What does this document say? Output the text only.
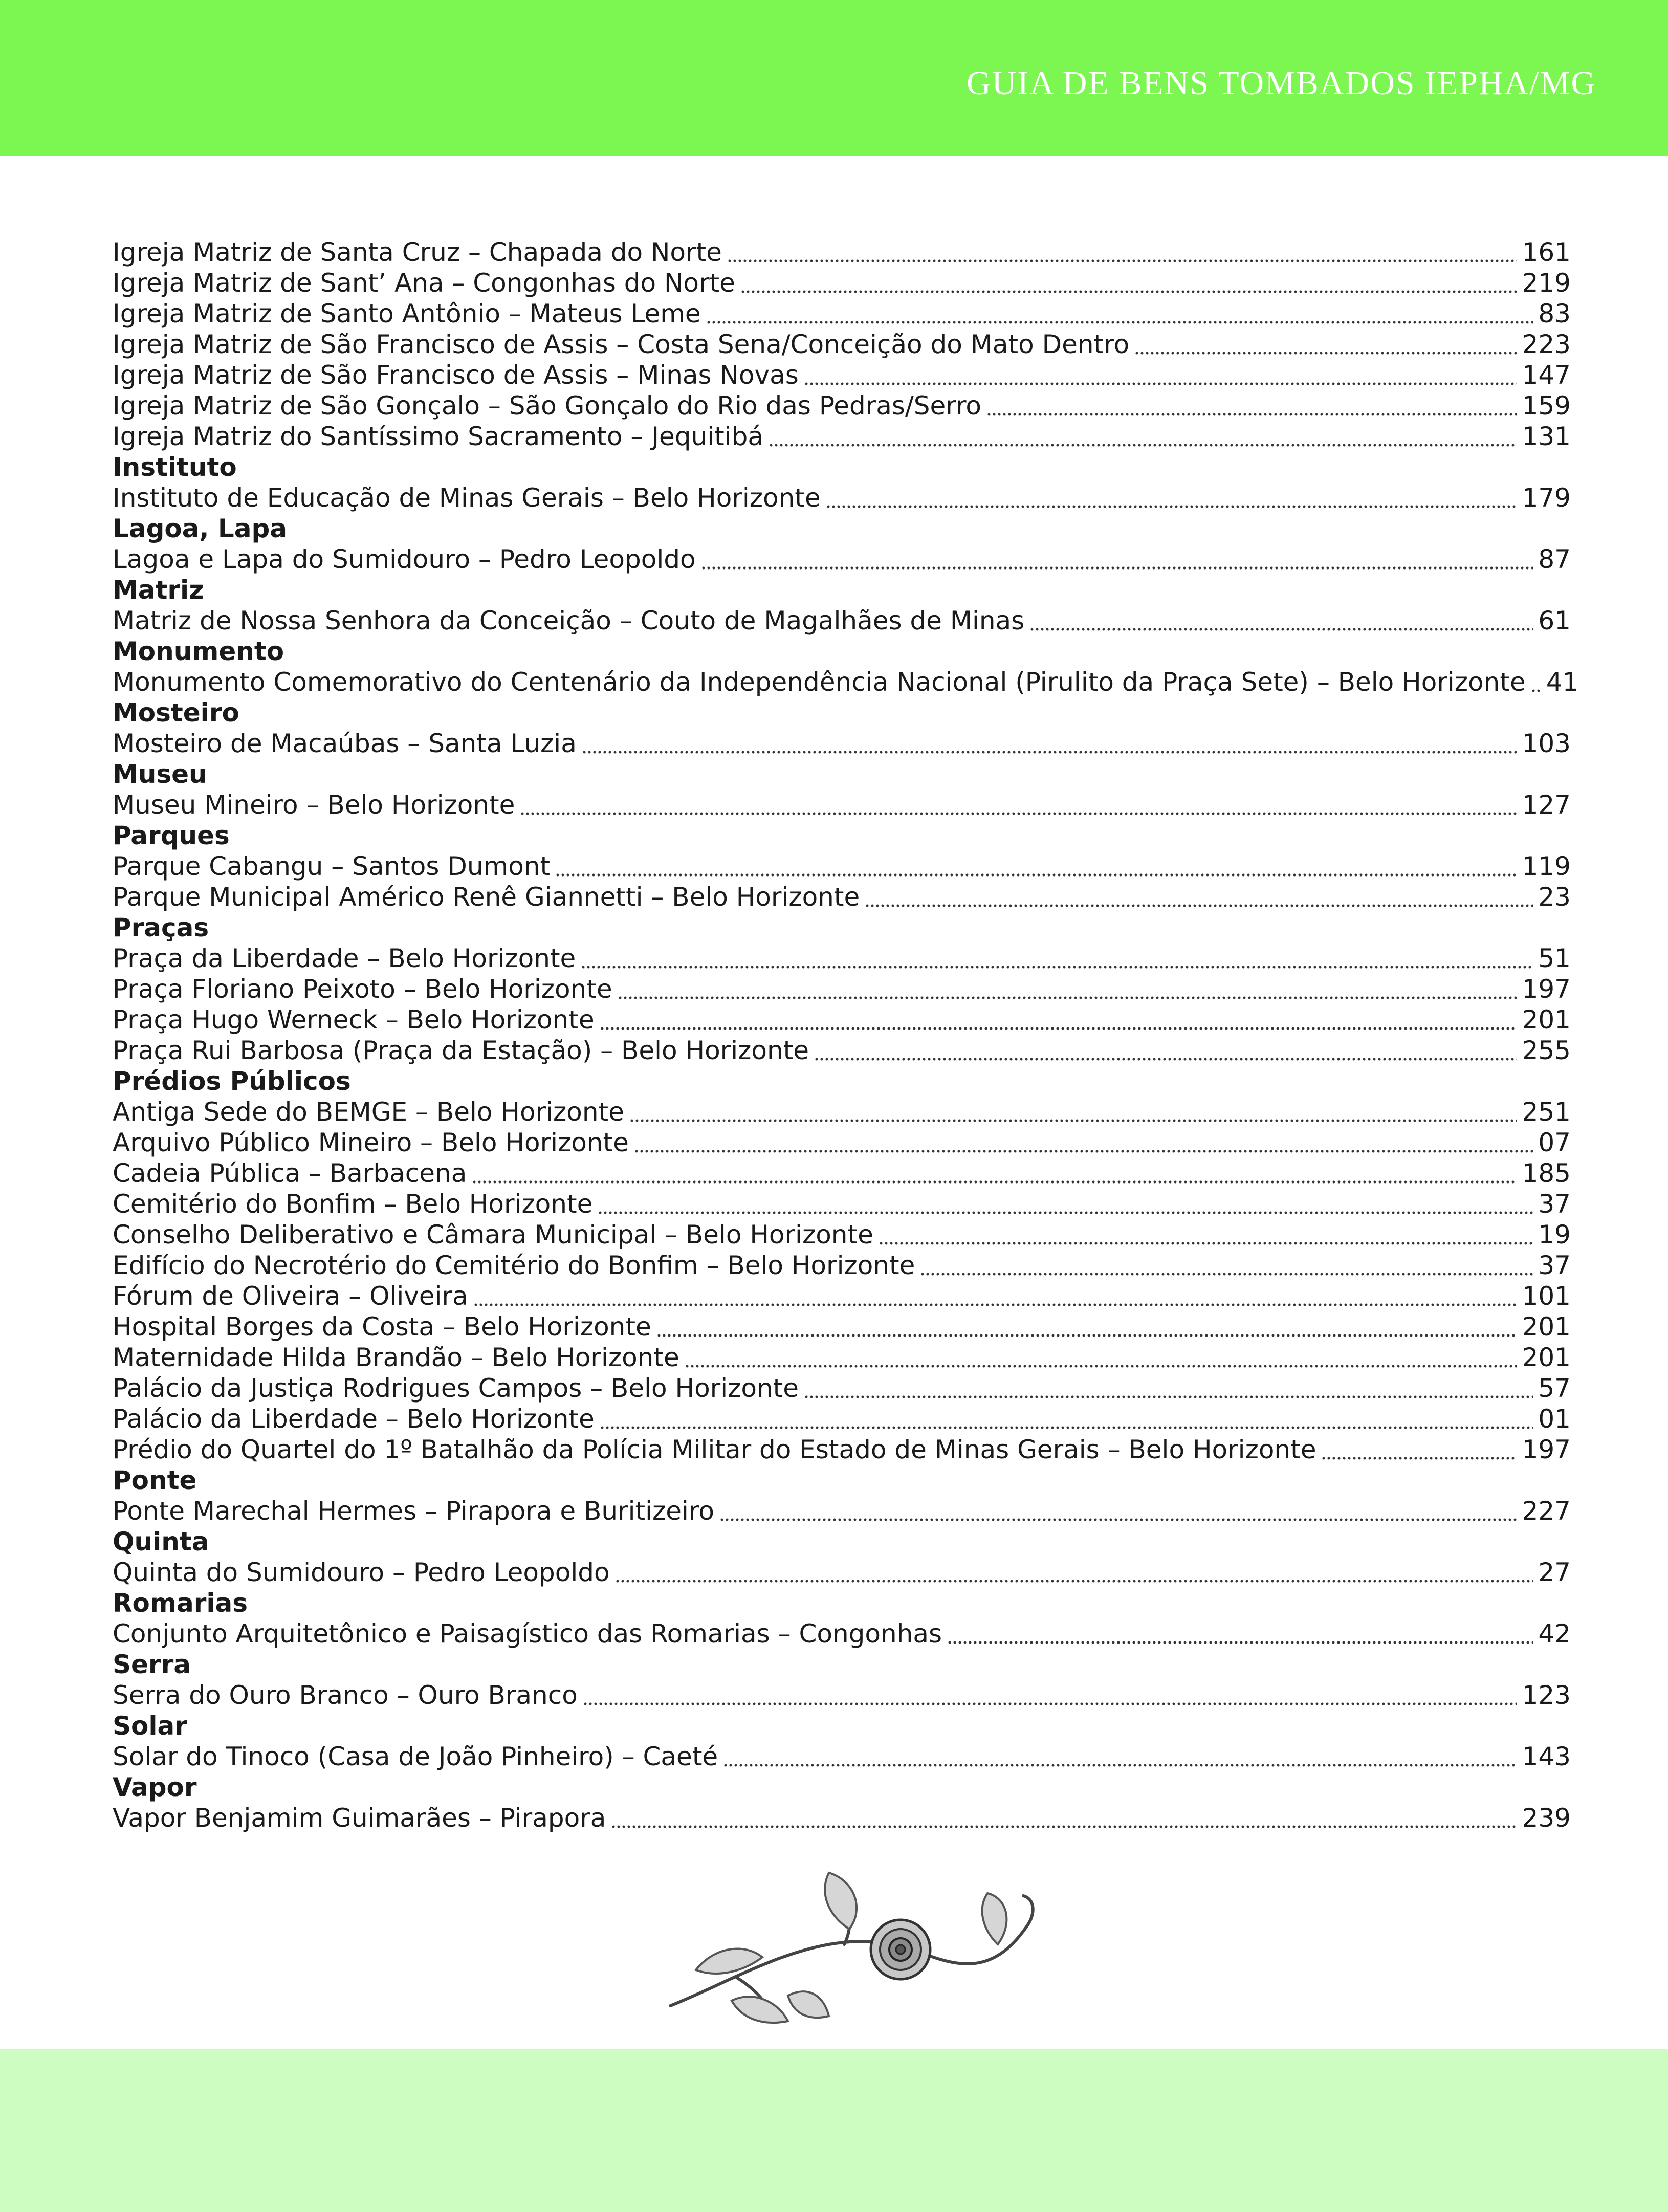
GUIA DE BENS TOMBADOS IEPHA/MG
Igreja Matriz de Santa Cruz – Chapada do Norte	161
Igreja Matriz de Sant’ Ana – Congonhas do Norte	219
Igreja Matriz de Santo Antônio – Mateus Leme	83
Igreja Matriz de São Francisco de Assis – Costa Sena/Conceição do Mato Dentro	223
Igreja Matriz de São Francisco de Assis – Minas Novas	147
Igreja Matriz de São Gonçalo – São Gonçalo do Rio das Pedras/Serro	159
Igreja Matriz do Santíssimo Sacramento – Jequitibá	131
Instituto
Instituto de Educação de Minas Gerais – Belo Horizonte	179
Lagoa, Lapa
Lagoa e Lapa do Sumidouro – Pedro Leopoldo	87
Matriz
Matriz de Nossa Senhora da Conceição – Couto de Magalhães de Minas	61
Monumento
Monumento Comemorativo do Centenário da Independência Nacional (Pirulito da Praça Sete) – Belo Horizonte 41
Mosteiro
Mosteiro de Macaúbas – Santa Luzia	103
Museu
Museu Mineiro – Belo Horizonte	127
Parques
Parque Cabangu – Santos Dumont	119
Parque Municipal Américo Renê Giannetti – Belo Horizonte	23
Praças
Praça da Liberdade – Belo Horizonte	51
Praça Floriano Peixoto – Belo Horizonte	197
Praça Hugo Werneck – Belo Horizonte	201
Praça Rui Barbosa (Praça da Estação) – Belo Horizonte	255
Prédios Públicos
Antiga Sede do BEMGE – Belo Horizonte	251
Arquivo Público Mineiro – Belo Horizonte	07
Cadeia Pública – Barbacena	185
Cemitério do Bonfim – Belo Horizonte	37
Conselho Deliberativo e Câmara Municipal – Belo Horizonte	19
Edifício do Necrotério do Cemitério do Bonfim – Belo Horizonte	37
Fórum de Oliveira – Oliveira	101
Hospital Borges da Costa – Belo Horizonte	201
Maternidade Hilda Brandão – Belo Horizonte	201
Palácio da Justiça Rodrigues Campos – Belo Horizonte	57
Palácio da Liberdade – Belo Horizonte	01
Prédio do Quartel do 1º Batalhão da Polícia Militar do Estado de Minas Gerais – Belo Horizonte	197
Ponte
Ponte Marechal Hermes – Pirapora e Buritizeiro	227
Quinta
Quinta do Sumidouro – Pedro Leopoldo	27
Romarias
Conjunto Arquitetônico e Paisagístico das Romarias – Congonhas	42
Serra
Serra do Ouro Branco – Ouro Branco	123
Solar
Solar do Tinoco (Casa de João Pinheiro) – Caeté	143
Vapor
Vapor Benjamim Guimarães – Pirapora	239
